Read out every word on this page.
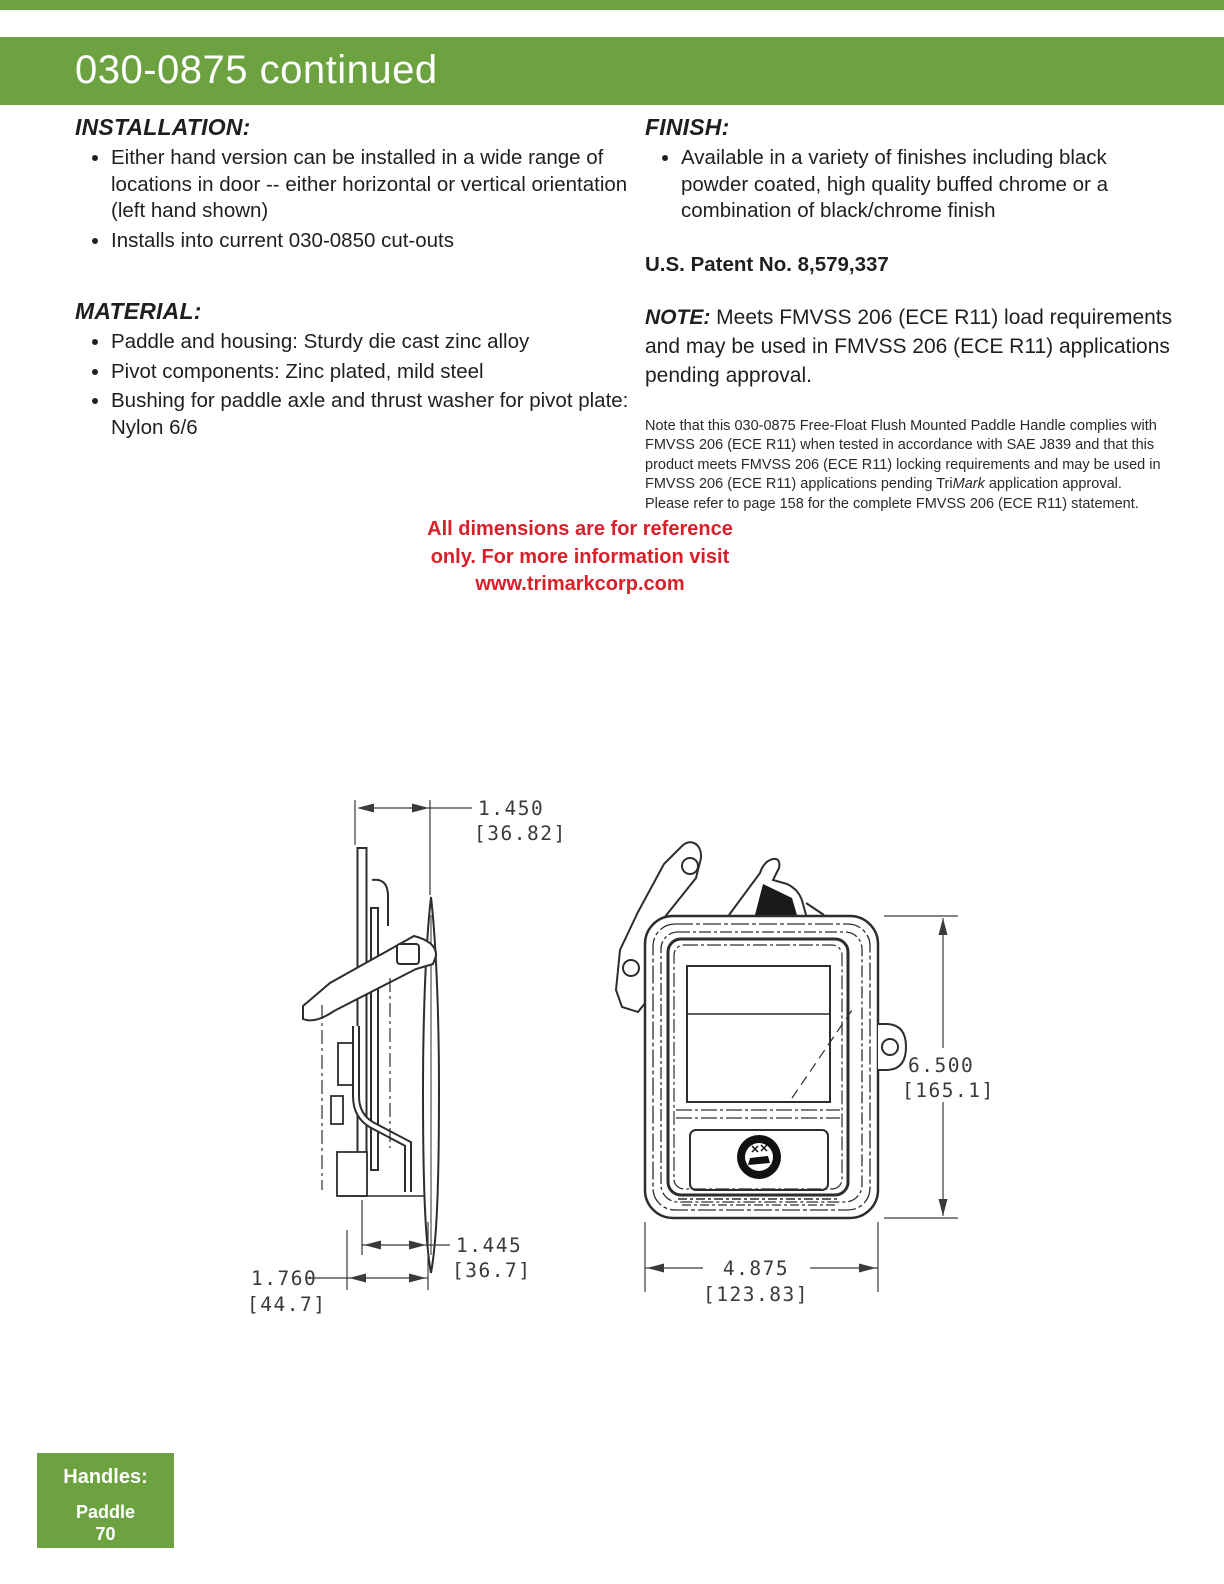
030-0875 continued
INSTALLATION:
• Either hand version can be installed in a wide range of locations in door -- either horizontal or vertical orientation (left hand shown)
• Installs into current 030-0850 cut-outs
MATERIAL:
• Paddle and housing: Sturdy die cast zinc alloy
• Pivot components: Zinc plated, mild steel
• Bushing for paddle axle and thrust washer for pivot plate: Nylon 6/6
FINISH:
• Available in a variety of finishes including black powder coated, high quality buffed chrome or a combination of black/chrome finish

U.S. Patent No. 8,579,337

NOTE: Meets FMVSS 206 (ECE R11) load requirements and may be used in FMVSS 206 (ECE R11) applications pending approval.

Note that this 030-0875 Free-Float Flush Mounted Paddle Handle complies with FMVSS 206 (ECE R11) when tested in accordance with SAE J839 and that this product meets FMVSS 206 (ECE R11) locking requirements and may be used in FMVSS 206 (ECE R11) applications pending TriMark application approval. Please refer to page 158 for the complete FMVSS 206 (ECE R11) statement.

All dimensions are for reference
only. For more information visit
www.trimarkcorp.com
1.450
[36.82]
1.445
[36.7]
1.760
[44.7]
6.500
[165.1]
4.875
[123.83]
Handles:
Paddle
70
